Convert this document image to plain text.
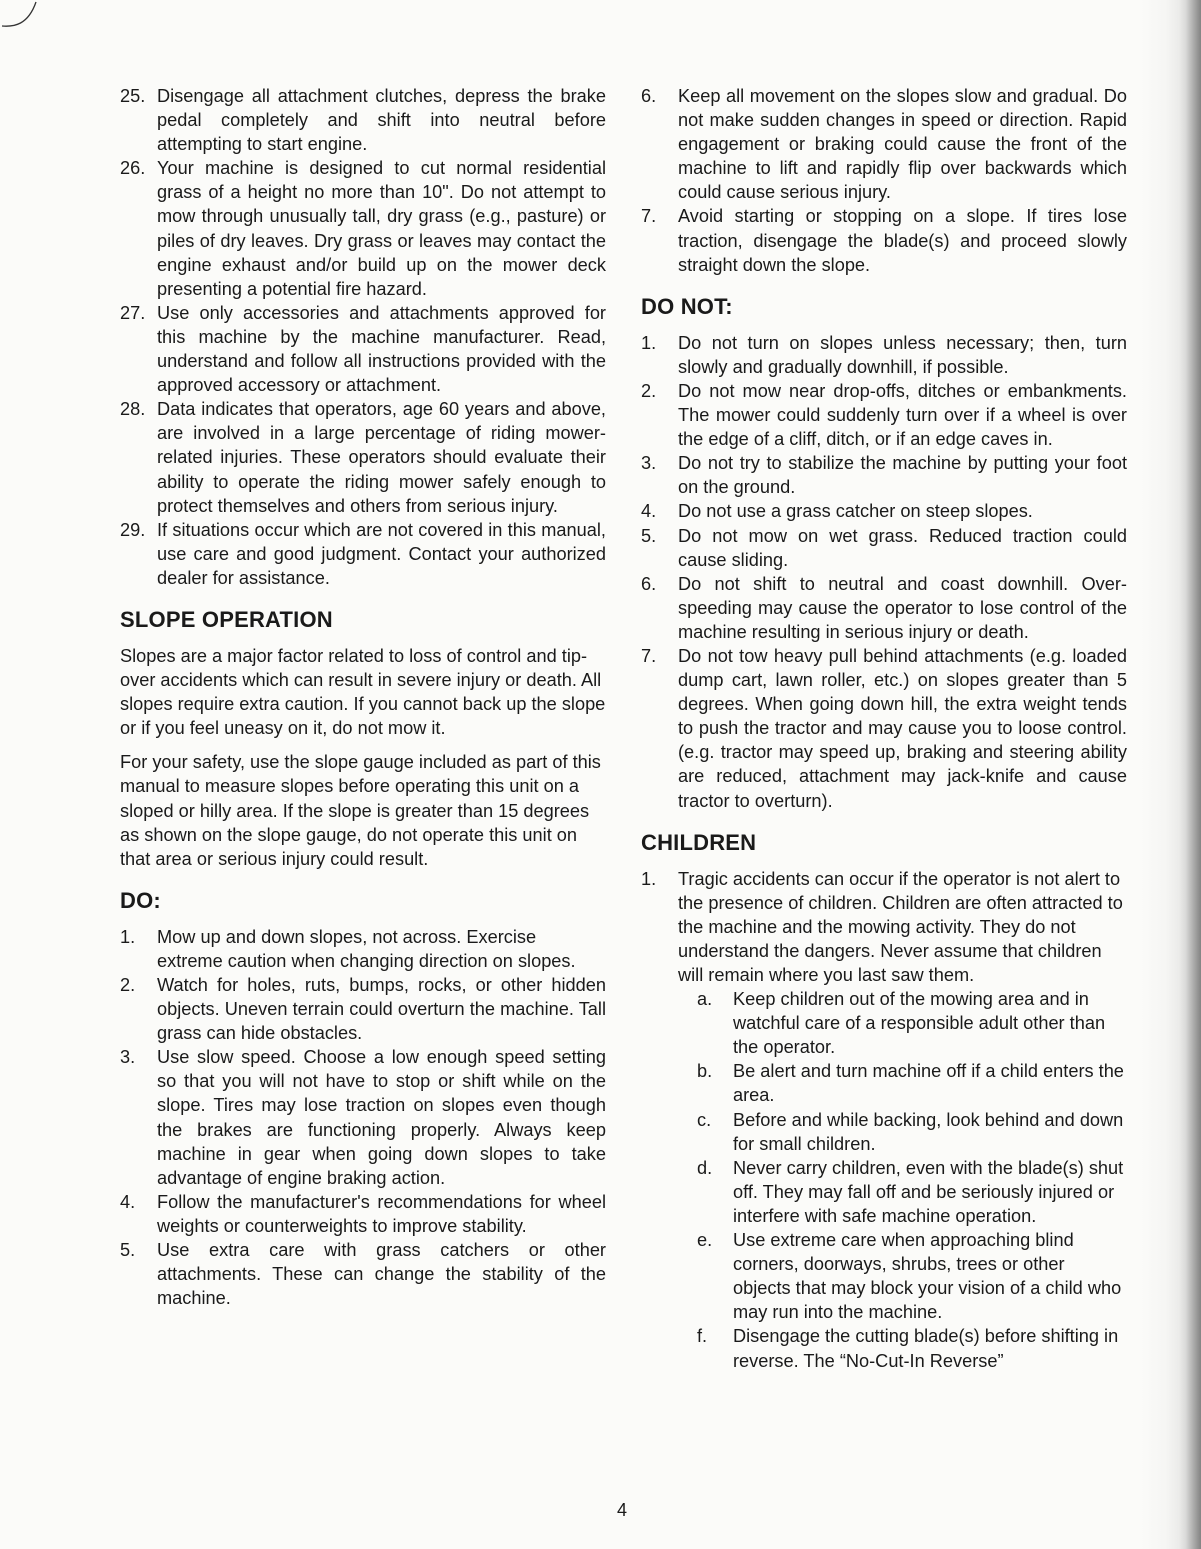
25. Disengage all attachment clutches, depress the brake pedal completely and shift into neutral before attempting to start engine.
26. Your machine is designed to cut normal residential grass of a height no more than 10". Do not attempt to mow through unusually tall, dry grass (e.g., pasture) or piles of dry leaves. Dry grass or leaves may contact the engine exhaust and/or build up on the mower deck presenting a potential fire hazard.
27. Use only accessories and attachments approved for this machine by the machine manufacturer. Read, understand and follow all instructions provided with the approved accessory or attachment.
28. Data indicates that operators, age 60 years and above, are involved in a large percentage of riding mower-related injuries. These operators should evaluate their ability to operate the riding mower safely enough to protect themselves and others from serious injury.
29. If situations occur which are not covered in this manual, use care and good judgment. Contact your authorized dealer for assistance.
SLOPE OPERATION

Slopes are a major factor related to loss of control and tip-over accidents which can result in severe injury or death. All slopes require extra caution. If you cannot back up the slope or if you feel uneasy on it, do not mow it.

For your safety, use the slope gauge included as part of this manual to measure slopes before operating this unit on a sloped or hilly area. If the slope is greater than 15 degrees as shown on the slope gauge, do not operate this unit on that area or serious injury could result.

DO:
1.	Mow up and down slopes, not across. Exercise extreme caution when changing direction on slopes.
2.	Watch for holes, ruts, bumps, rocks, or other hidden objects. Uneven terrain could overturn the machine. Tall grass can hide obstacles.
3.	Use slow speed. Choose a low enough speed setting so that you will not have to stop or shift while on the slope. Tires may lose traction on slopes even though the brakes are functioning properly. Always keep machine in gear when going down slopes to take advantage of engine braking action.
4.	Follow the manufacturer's recommendations for wheel weights or counterweights to improve stability.
5.	Use extra care with grass catchers or other attachments. These can change the stability of the machine.
6.	Keep all movement on the slopes slow and gradual. Do not make sudden changes in speed or direction. Rapid engagement or braking could cause the front of the machine to lift and rapidly flip over backwards which could cause serious injury.
7.	Avoid starting or stopping on a slope. If tires lose traction, disengage the blade(s) and proceed slowly straight down the slope.
DO NOT:
1.	Do not turn on slopes unless necessary; then, turn slowly and gradually downhill, if possible.
2.	Do not mow near drop-offs, ditches or embankments. The mower could suddenly turn over if a wheel is over the edge of a cliff, ditch, or if an edge caves in.
3.	Do not try to stabilize the machine by putting your foot on the ground.
4.	Do not use a grass catcher on steep slopes.
5.	Do not mow on wet grass. Reduced traction could cause sliding.
6.	Do not shift to neutral and coast downhill. Over-speeding may cause the operator to lose control of the machine resulting in serious injury or death.
7.	Do not tow heavy pull behind attachments (e.g. loaded dump cart, lawn roller, etc.) on slopes greater than 5 degrees. When going down hill, the extra weight tends to push the tractor and may cause you to loose control. (e.g. tractor may speed up, braking and steering ability are reduced, attachment may jack-knife and cause tractor to overturn).
CHILDREN
1.	Tragic accidents can occur if the operator is not alert to the presence of children. Children are often attracted to the machine and the mowing activity. They do not understand the dangers. Never assume that children will remain where you last saw them.
a.	Keep children out of the mowing area and in watchful care of a responsible adult other than the operator.
b.	Be alert and turn machine off if a child enters the area.
c.	Before and while backing, look behind and down for small children.
d.	Never carry children, even with the blade(s) shut off. They may fall off and be seriously injured or interfere with safe machine operation.
e.	Use extreme care when approaching blind corners, doorways, shrubs, trees or other objects that may block your vision of a child who may run into the machine.
f.	Disengage the cutting blade(s) before shifting in reverse. The “No-Cut-In Reverse”
4
